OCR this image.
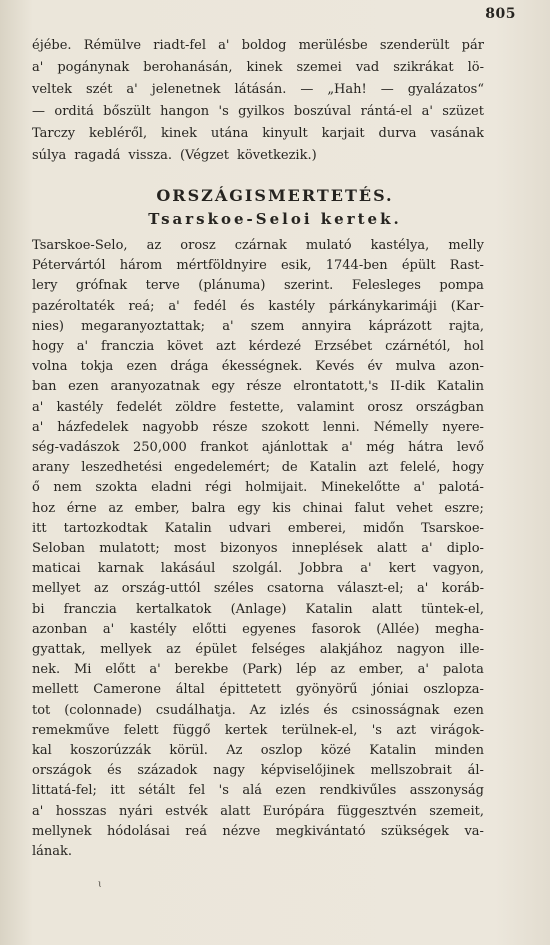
805
éjébe. Rémülve riadt-fel a' boldog merülésbe szenderült pár
a' pogánynak berohanásán, kinek szemei vad szikrákat lö-
veltek szét a' jelenetnek látásán. — „Hah! — gyalázatos“
— orditá bőszült hangon 's gyilkos boszúval rántá-el a' szüzet
Tarczy kebléről, kinek utána kinyult karjait durva vasának
súlya ragadá vissza. (Végzet következik.)
ORSZÁGISMERTETÉS.
Tsarskoe-Seloi kertek.
Tsarskoe-Selo, az orosz czárnak mulató kastélya, melly
Pétervártól három mértföldnyire esik, 1744-ben épült Rast-
lery grófnak terve (plánuma) szerint. Felesleges pompa
pazéroltaték reá; a' fedél és kastély párkánykarimáji (Kar-
nies) megaranyoztattak; a' szem annyira káprázott rajta,
hogy a' franczia követ azt kérdezé Erzsébet czárnétól, hol
volna tokja ezen drága ékességnek. Kevés év mulva azon-
ban ezen aranyozatnak egy része elrontatott,'s II-dik Katalin
a' kastély fedelét zöldre festette, valamint orosz országban
a' házfedelek nagyobb része szokott lenni. Némelly nyere-
ség-vadászok 250,000 frankot ajánlottak a' még hátra levő
arany leszedhetési engedelemért; de Katalin azt felelé, hogy
ő nem szokta eladni régi holmijait. Minekelőtte a' palotá-
hoz érne az ember, balra egy kis chinai falut vehet eszre;
itt tartozkodtak Katalin udvari emberei, midőn Tsarskoe-
Seloban mulatott; most bizonyos inneplések alatt a' diplo-
maticai karnak lakásául szolgál. Jobbra a' kert vagyon,
mellyet az ország-uttól széles csatorna választ-el; a' koráb-
bi franczia kertalkatok (Anlage) Katalin alatt tüntek-el,
azonban a' kastély előtti egyenes fasorok (Allée) megha-
gyattak, mellyek az épület felséges alakjához nagyon ille-
nek. Mi előtt a' berekbe (Park) lép az ember, a' palota
mellett Camerone által épittetett gyönyörű jóniai oszlopza-
tot (colonnade) csudálhatja. Az izlés és csinosságnak ezen
remekműve felett függő kertek terülnek-el, 's azt virágok-
kal koszorúzzák körül. Az oszlop közé Katalin minden
országok és századok nagy képviselőjinek mellszobrait ál-
littatá-fel; itt sétált fel 's alá ezen rendkivűles asszonyság
a' hosszas nyári estvék alatt Európára függesztvén szemeit,
mellynek hódolásai reá nézve megkivántató szükségek va-
lának.
ɩ
